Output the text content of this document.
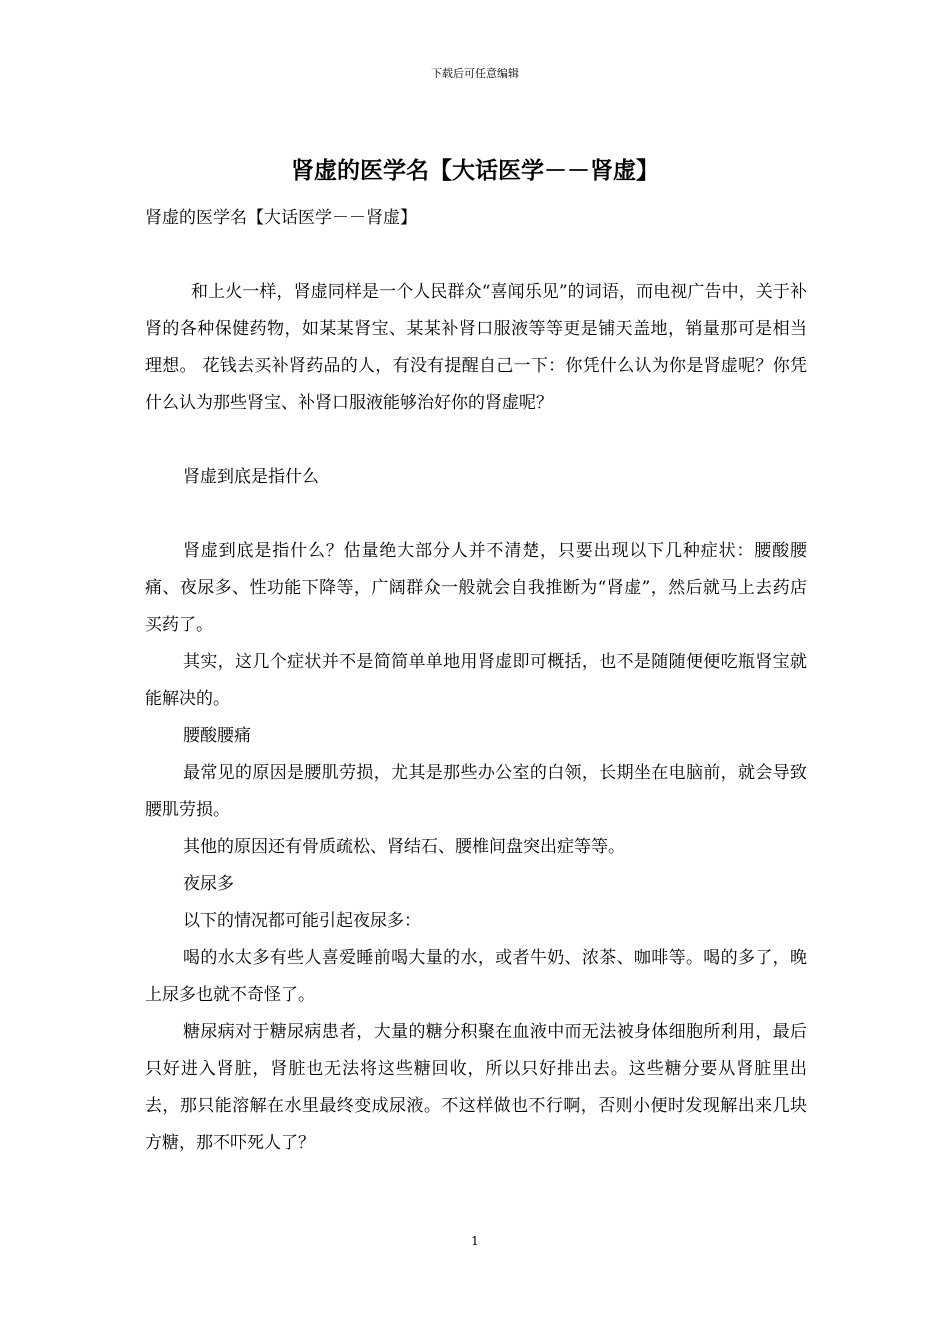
下载后可任意编辑
肾虚的医学名【大话医学－－肾虚】

肾虚的医学名【大话医学－－肾虚】

和上火一样，肾虚同样是一个人民群众“喜闻乐见”的词语，而电视广告中，关于补肾的各种保健药物，如某某肾宝、某某补肾口服液等等更是铺天盖地，销量那可是相当理想。 花钱去买补肾药品的人，有没有提醒自己一下：你凭什么认为你是肾虚呢？你凭什么认为那些肾宝、补肾口服液能够治好你的肾虚呢？

肾虚到底是指什么

肾虚到底是指什么？估量绝大部分人并不清楚，只要出现以下几种症状：腰酸腰痛、夜尿多、性功能下降等，广阔群众一般就会自我推断为“肾虚”，然后就马上去药店买药了。

其实，这几个症状并不是简简单单地用肾虚即可概括，也不是随随便便吃瓶肾宝就能解决的。

腰酸腰痛

最常见的原因是腰肌劳损，尤其是那些办公室的白领，长期坐在电脑前，就会导致腰肌劳损。

其他的原因还有骨质疏松、肾结石、腰椎间盘突出症等等。

夜尿多

以下的情况都可能引起夜尿多：

喝的水太多有些人喜爱睡前喝大量的水，或者牛奶、浓茶、咖啡等。喝的多了，晚上尿多也就不奇怪了。

糖尿病对于糖尿病患者，大量的糖分积聚在血液中而无法被身体细胞所利用，最后只好进入肾脏，肾脏也无法将这些糖回收，所以只好排出去。这些糖分要从肾脏里出去，那只能溶解在水里最终变成尿液。不这样做也不行啊，否则小便时发现解出来几块方糖，那不吓死人了？

1
